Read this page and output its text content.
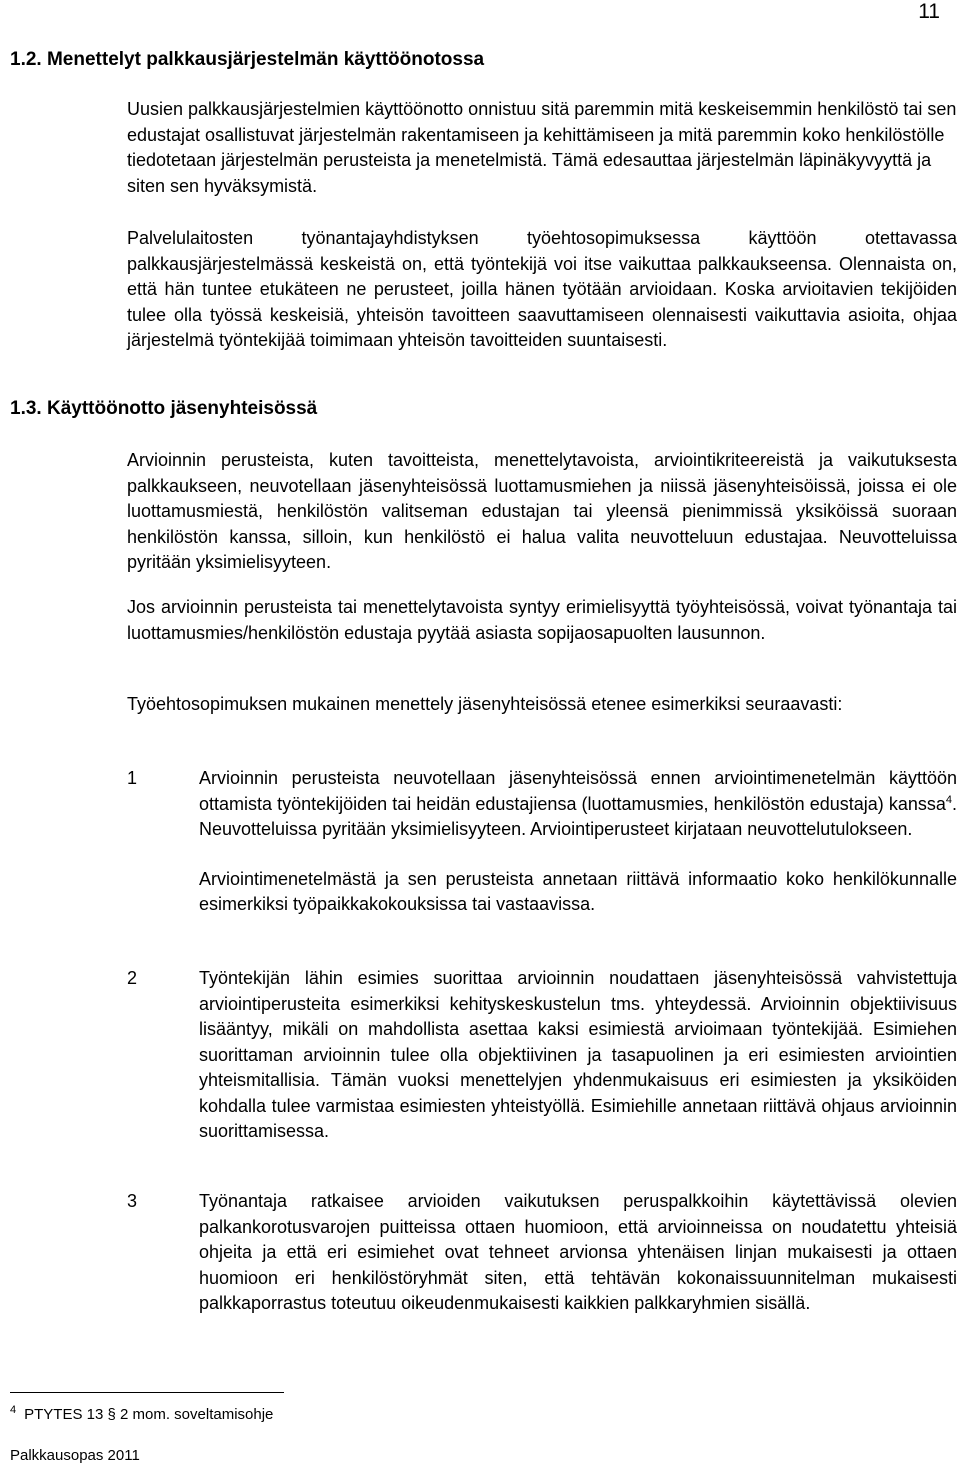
11
1.2. Menettelyt palkkausjärjestelmän käyttöönotossa
Uusien palkkausjärjestelmien käyttöönotto onnistuu sitä paremmin mitä keskeisemmin henkilöstö tai sen edustajat osallistuvat järjestelmän rakentamiseen ja kehittämiseen ja mitä paremmin koko henkilöstölle tiedotetaan järjestelmän perusteista ja menetelmistä. Tämä edesauttaa järjestelmän läpinäkyvyyttä ja siten sen hyväksymistä.
Palvelulaitosten työnantajayhdistyksen työehtosopimuksessa käyttöön otettavassa palkkausjärjestelmässä keskeistä on, että työntekijä voi itse vaikuttaa palkkaukseensa. Olennaista on, että hän tuntee etukäteen ne perusteet, joilla hänen työtään arvioidaan. Koska arvioitavien tekijöiden tulee olla työssä keskeisiä, yhteisön tavoitteen saavuttamiseen olennaisesti vaikuttavia asioita, ohjaa järjestelmä työntekijää toimimaan yhteisön tavoitteiden suuntaisesti.
1.3. Käyttöönotto jäsenyhteisössä
Arvioinnin perusteista, kuten tavoitteista, menettelytavoista, arviointikriteereistä ja vaikutuksesta palkkaukseen, neuvotellaan jäsenyhteisössä luottamusmiehen ja niissä jäsenyhteisöissä, joissa ei ole luottamusmiestä, henkilöstön valitseman edustajan tai yleensä pienimmissä yksiköissä suoraan henkilöstön kanssa, silloin, kun henkilöstö ei halua valita neuvotteluun edustajaa. Neuvotteluissa pyritään yksimielisyyteen.
Jos arvioinnin perusteista tai menettelytavoista syntyy erimielisyyttä työyhteisössä, voivat työnantaja tai luottamusmies/henkilöstön edustaja pyytää asiasta sopijaosapuolten lausunnon.
Työehtosopimuksen mukainen menettely jäsenyhteisössä etenee esimerkiksi seuraavasti:
1	Arvioinnin perusteista neuvotellaan jäsenyhteisössä ennen arviointimenetelmän käyttöön ottamista työntekijöiden tai heidän edustajiensa (luottamusmies, henkilöstön edustaja) kanssa$^4$. Neuvotteluissa pyritään yksimielisyyteen. Arviointiperusteet kirjataan neuvottelutulokseen.

Arviointimenetelmästä ja sen perusteista annetaan riittävä informaatio koko henkilökunnalle esimerkiksi työpaikkakokouksissa tai vastaavissa.

2	Työntekijän lähin esimies suorittaa arvioinnin noudattaen jäsenyhteisössä vahvistettuja arviointiperusteita esimerkiksi kehityskeskustelun tms. yhteydessä. Arvioinnin objektiivisuus lisääntyy, mikäli on mahdollista asettaa kaksi esimiestä arvioimaan työntekijää. Esimiehen suorittaman arvioinnin tulee olla objektiivinen ja tasapuolinen ja eri esimiesten arviointien yhteismitallisia. Tämän vuoksi menettelyjen yhdenmukaisuus eri esimiesten ja yksiköiden kohdalla tulee varmistaa esimiesten yhteistyöllä. Esimiehille annetaan riittävä ohjaus arvioinnin suorittamisessa.

3	Työnantaja ratkaisee arvioiden vaikutuksen peruspalkkoihin käytettävissä olevien palkankorotusvarojen puitteissa ottaen huomioon, että arvioinneissa on noudatettu yhteisiä ohjeita ja että eri esimiehet ovat tehneet arvionsa yhtenäisen linjan mukaisesti ja ottaen huomioon eri henkilöstöryhmät siten, että tehtävän kokonaissuunnitelman mukaisesti palkkaporrastus toteutuu oikeudenmukaisesti kaikkien palkkaryhmien sisällä.

$^4$ PTYTES 13 § 2 mom. soveltamisohje
Palkkausopas 2011
